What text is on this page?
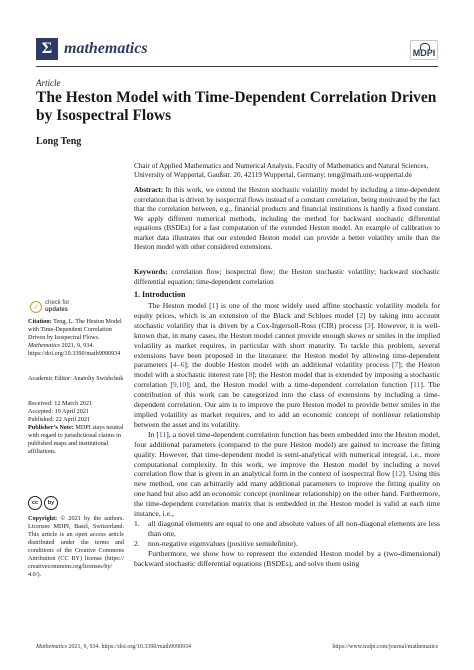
Σ mathematics	MDPI
Article
The Heston Model with Time-Dependent Correlation Driven by Isospectral Flows
Long Teng
Chair of Applied Mathematics and Numerical Analysis, Faculty of Mathematics and Natural Sciences, University of Wuppertal, Gaußstr. 20, 42119 Wuppertal, Germany; teng@math.uni-wuppertal.de
Abstract: In this work, we extend the Heston stochastic volatility model by including a time-dependent correlation that is driven by isospectral flows instead of a constant correlation, being motivated by the fact that the correlation between, e.g., financial products and financial institutions is hardly a fixed constant. We apply different numerical methods, including the method for backward stochastic differential equations (BSDEs) for a fast computation of the extended Heston model. An example of calibration to market data illustrates that our extended Heston model can provide a better volatility smile than the Heston model with other considered extensions.
Keywords: correlation flow; isospectral flow; the Heston stochastic volatility; backward stochastic differential equation; time-dependent correlation
✓	check for
updates
Citation: Teng, L. The Heston Model with Time-Dependent Correlation Driven by Isospectral Flows. Mathematics 2021, 9, 934. https://doi.org/10.3390/math9090934
Academic Editor: Anatoliy Swishchuk
Received: 12 March 2021
Accepted: 19 April 2021
Published: 22 April 2021
Publisher’s Note: MDPI stays neutral with regard to jurisdictional claims in published maps and institutional affiliations.
cc	by
Copyright: © 2021 by the authors. Licensee MDPI, Basel, Switzerland. This article is an open access article distributed under the terms and conditions of the Creative Commons Attribution (CC BY) license (https:// creativecommons.org/licenses/by/ 4.0/).
1. Introduction

The Heston model [1] is one of the most widely used affine stochastic volatility models for equity prices, which is an extension of the Black and Schloes model [2] by taking into account stochastic volatility that is driven by a Cox-Ingersoll-Ross (CIR) process [3]. However, it is well-known that, in many cases, the Heston model cannot provide enough skews or smiles in the implied volatility as market requires, in particular with short maturity. To tackle this problem, several extensions have been proposed in the literature: the Heston model by allowing time-dependent parameters [4–6]; the double Heston model with an additional volatility process [7]; the Heston model with a stochastic interest rate [8]; the Heston model that is extended by imposing a stochastic correlation [9,10]; and, the Heston model with a time-dependent correlation function [11]. The contribution of this work can be categorized into the class of extensions by including a time-dependent correlation. Our aim is to improve the pure Heston model to provide better smiles in the implied volatility as market requires, and to add an economic concept of nonlinear relationship between the asset and its volatility.

In [11], a novel time-dependent correlation function has been embedded into the Heston model, four additional parameters (compared to the pure Heston model) are gained to increase the fitting quality. However, that time-dependent model is semi-analytical with numerical integral, i.e., more computational complexity. In this work, we improve the Heston model by including a novel correlation flow that is given in an analytical form in the context of isospectral flow [12]. Using this new method, one can arbitrarily add many additional parameters to improve the fitting quality on one hand but also add an economic concept (nonlinear relationship) on the other hand. Furthermore, the time-dependent correlation matrix that is embedded in the Heston model is valid at each time instance, i.e.,

1.	all diagonal elements are equal to one and absolute values of all non-diagonal elements are less than one,
2.	non-negative eigenvalues (positive semidefinite).

Furthermore, we show how to represent the extended Heston model by a (two-dimensional) backward stochastic differential equations (BSDEs), and solve them using

Mathematics 2021, 9, 934. https://doi.org/10.3390/math9090934	https://www.mdpi.com/journal/mathematics
